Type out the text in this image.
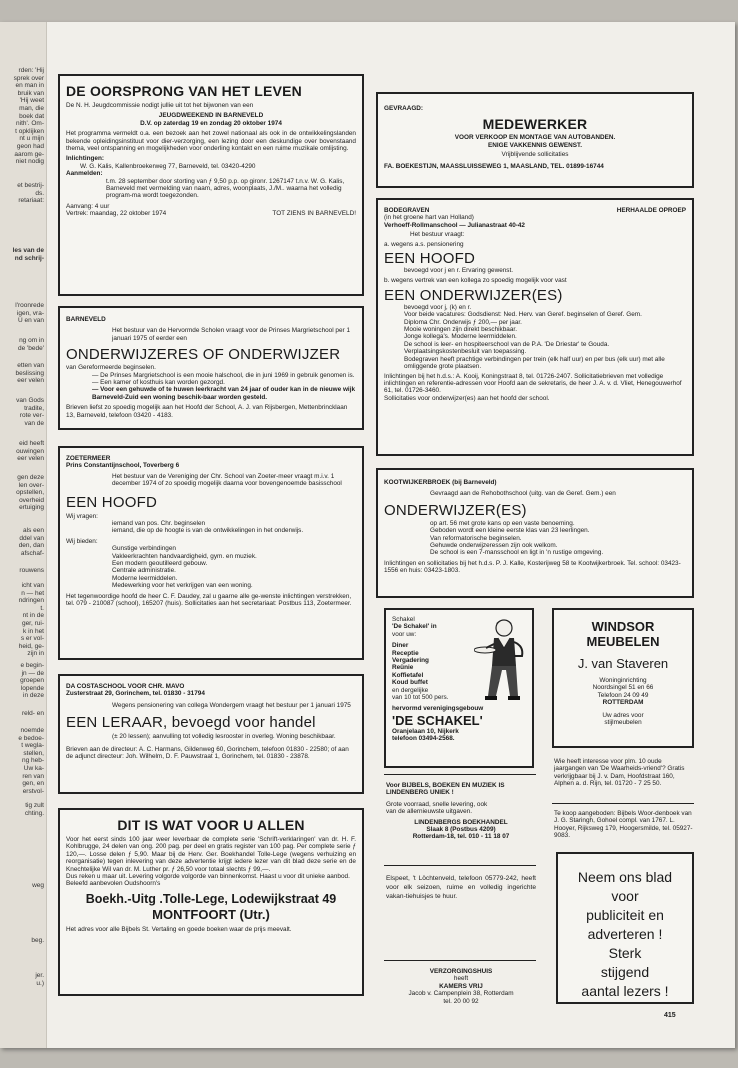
rden: 'Hij
sprek over
en man in
bruik van
'Hij weet
man, die
boek dat
nith'. Om-
t opklijken
nt u mijn
geon had
aarom ge-
niet nodig
et bestrij-
ds.
retariaat:
les van de
nd schrij-
l'roonrede
igen, vra-
U en van
ng om in
de 'bede'
etten van
beslissing
eer velen
van Gods
tradite,
rote ver-
van de
eid heeft
ouwingen
eer velen
gen deze
len over-
opstellen,
overheid
ertuiging
als een
ddel van
den, dan
afschaf-
rouwens
icht van
n — het
ndringen
t.
nt in de
ger, rui-
k in het
s er vol-
heid, ge-
zijn in
e begin-
jn — de
groepen
lopende
in deze
reld- en
noemde
e bedoe-
t wegla-
stellen,
ng heb-
Uw ka-
ren van
gen, en
erstvol-
tig zult
chting.
weg
beg.
jer.
u.)
DE OORSPRONG VAN HET LEVEN

De N. H. Jeugdcommissie nodigt jullie uit tot het bijwonen van een

JEUGDWEEKEND IN BARNEVELD

D.V. op zaterdag 19 en zondag 20 oktober 1974

Het programma vermeldt o.a. een bezoek aan het zowel nationaal als ook in de ontwikkelingslanden bekende opleidingsinstituut voor dier-verzorging, een lezing door een deskundige over bovenstaand thema, veel ontspanning en mogelijkheden voor onderling kontakt en een ruime muzikale omlijsting.

Inlichtingen:

W. G. Kalis, Kallenbroekerweg 77, Barneveld, tel. 03420-4290

Aanmelden:

t.m. 28 september door storting van ƒ 9,50 p.p. op gironr. 1267147 t.n.v. W. G. Kalis, Barneveld met vermelding van naam, adres, woonplaats, J./M.. waarna het volledig program-ma wordt toegezonden.

Aanvang: 4 uur

Vertrek: maandag, 22 oktober 1974	TOT ZIENS IN BARNEVELD!

BARNEVELD

Het bestuur van de Hervormde Scholen vraagt voor de Prinses Margrietschool per 1 januari 1975 of eerder een

ONDERWIJZERES OF ONDERWIJZER

van Gereformeerde beginselen.

— De Prinses Margrietschool is een mooie halschool, die in juni 1969 in gebruik genomen is.

— Een kamer of kosthuis kan worden gezorgd.

— Voor een gehuwde of te huwen leerkracht van 24 jaar of ouder kan in de nieuwe wijk Barneveld-Zuid een woning beschik-baar worden gesteld.

Brieven liefst zo spoedig mogelijk aan het Hoofd der School, A. J. van Rijsbergen, Mettenbrincklaan 13, Barneveld, telefoon 03420 - 4183.

ZOETERMEER

Prins Constantijnschool, Toverberg 6

Het bestuur van de Vereniging der Chr. School van Zoeter-meer vraagt m.i.v. 1 december 1974 of zo spoedig mogelijk daarna voor bovengenoemde basisschool

EEN HOOFD

Wij vragen:

iemand van pos. Chr. beginselen

iemand, die op de hoogte is van de ontwikkelingen in het onderwijs.

Wij bieden:

Gunstige verbindingen

Vakleerkrachten handvaardigheid, gym. en muziek.

Een modern geoutilleerd gebouw.

Centrale administratie.

Moderne leermiddelen.

Medewerking voor het verkrijgen van een woning.

Het tegenwoordige hoofd de heer C. F. Daudey, zal u gaarne alle ge-wenste inlichtingen verstrekken, tel. 079 - 210087 (school), 165207 (huis). Sollicitaties aan het secretariaat: Postbus 113, Zoetermeer.

DA COSTASCHOOL VOOR CHR. MAVO

Zusterstraat 29, Gorinchem, tel. 01830 - 31794

Wegens pensionering van collega Wondergem vraagt het bestuur per 1 januari 1975

EEN LERAAR, bevoegd voor handel

(± 20 lessen); aanvulling tot volledig lesrooster in overleg. Woning beschikbaar.

Brieven aan de directeur: A. C. Harmans, Gildenweg 60, Gorinchem, telefoon 01830 - 22580; of aan de adjunct directeur: Joh. Wilhelm, D. F. Pauwstraat 1, Gorinchem, tel. 01830 - 23878.

DIT IS WAT VOOR U ALLEN

Voor het eerst sinds 100 jaar weer leverbaar de complete serie 'Schrift-verklaringen' van dr. H. F. Kohlbrugge, 24 delen van ong. 200 pag. per deel en gratis register van 100 pag. Per complete serie ƒ 120,—. Losse delen ƒ 5,90. Maar bij de Herv. Ger. Boekhandel Tolle-Lege (wegens verhuizing en reorganisatie) tegen inlevering van deze advertentie krijgt iedere lezer van dit blad deze serie en de Knechtelijke Wil van dr. M. Luther pr. ƒ 26,50 voor totaal slechts ƒ 99,—.

Dus reken u maar uit. Levering volgorde volgorde van binnenkomst. Haast u voor dit unieke aanbod. Beleefd aanbevolen Oudshoorn's

Boekh.-Uitg .Tolle-Lege, Lodewijkstraat 49
MONTFOORT (Utr.)

Het adres voor alle Bijbels St. Vertaling en goede boeken waar de prijs meevalt.

GEVRAAGD:

MEDEWERKER

VOOR VERKOOP EN MONTAGE VAN AUTOBANDEN.

ENIGE VAKKENNIS GEWENST.

Vrijblijvende sollicitaties

FA. BOEKESTIJN, MAASSLUISSEWEG 1, MAASLAND, TEL. 01899-16744

BODEGRAVEN	HERHAALDE OPROEP

(in het groene hart van Holland)

Verhoeff-Rollmanschool — Julianastraat 40-42

Het bestuur vraagt:

a. wegens a.s. pensionering

EEN HOOFD

bevoegd voor j en r. Ervaring gewenst.

b. wegens vertrek van een kollega zo spoedig mogelijk voor vast

EEN ONDERWIJZER(ES)

bevoegd voor j, (k) en r.

Voor beide vacatures: Godsdienst: Ned. Herv. van Geref. beginselen of Geref. Gem.

Diploma Chr. Onderwijs ƒ 200,— per jaar.

Mooie woningen zijn direkt beschikbaar.

Jonge kollega's. Moderne leermiddelen.

De school is leer- en hospiteerschool van de P.A. 'De Driestar' te Gouda. Verplaatsingskostenbesluit van toepassing.

Bodegraven heeft prachtige verbindingen per trein (elk half uur) en per bus (elk uur) met alle omliggende grote plaatsen.

Inlichtingen bij het h.d.s.: A. Kooij, Koningstraat 8, tel. 01726-2407. Sollicitatiebrieven met volledige inlichtingen en referentie-adressen voor Hoofd aan de sekretaris, de heer J. A. v. d. Vliet, Henegouwerhof 61, tel. 01726-3460.

Sollicitaties voor onderwijzer(es) aan het hoofd der school.

KOOTWIJKERBROEK (bij Barneveld)

Gevraagd aan de Rehobothschool (uitg. van de Geref. Gem.) een

ONDERWIJZER(ES)

op art. 56 met grote kans op een vaste benoeming.

Geboden wordt een kleine eerste klas van 23 leerlingen.

Van reformatorische beginselen.

Gehuwde onderwijzeressen zijn ook welkom.

De school is een 7-mansschool en ligt in 'n rustige omgeving.

Inlichtingen en sollicitaties bij het h.d.s. P. J. Kalle, Kosterijweg 58 te Kootwijkerbroek. Tel. school: 03423-1556 en huis: 03423-1803.

Schakel

'De Schakel' in

voor uw:

Diner

Receptie

Vergadering

Reünie

Koffietafel

Koud buffet

en dergelijke

van 10 tot 500 pers.

hervormd verenigingsgebouw

'DE SCHAKEL'

Oranjelaan 10, Nijkerk

telefoon 03494-2568.

WINDSOR
MEUBELEN
J. van Staveren

Woninginrichting

Noordsingel 51 en 66

Telefoon 24 09 49

ROTTERDAM

Uw adres voor

stijlmeubelen

Wie heeft interesse voor plm. 10 oude jaargangen van 'De Waarheids-vriend'? Gratis verkrijgbaar bij J. v. Dam, Hoofdstraat 160, Alphen a. d. Rijn, tel. 01720 - 7 25 50.

Te koop aangeboden: Bijbels Woor-denboek van J. G. Staringh, Gohoel compl. van 1767. L. Hooyer, Rijksweg 179, Hoogersmilde, tel. 05927-9083.

Voor BIJBELS, BOEKEN EN MUZIEK IS LINDENBERG UNIEK !

Grote voorraad, snelle levering, ook

van de allernieuwste uitgaven.

LINDENBERGS BOEKHANDEL

Slaak 8 (Postbus 4209)

Rotterdam-18, tel. 010 - 11 18 07

Elspeet, 't Löchtenveld, telefoon 05779-242, heeft voor elk seizoen, ruime en volledig ingerichte vakan-tiehuisjes te huur.

VERZORGINGSHUIS

heeft

KAMERS VRIJ

Jacob v. Campenplein 38, Rotterdam

tel. 20 00 92

Neem ons blad
voor
publiciteit en
adverteren !
Sterk
stijgend
aantal lezers !
415
